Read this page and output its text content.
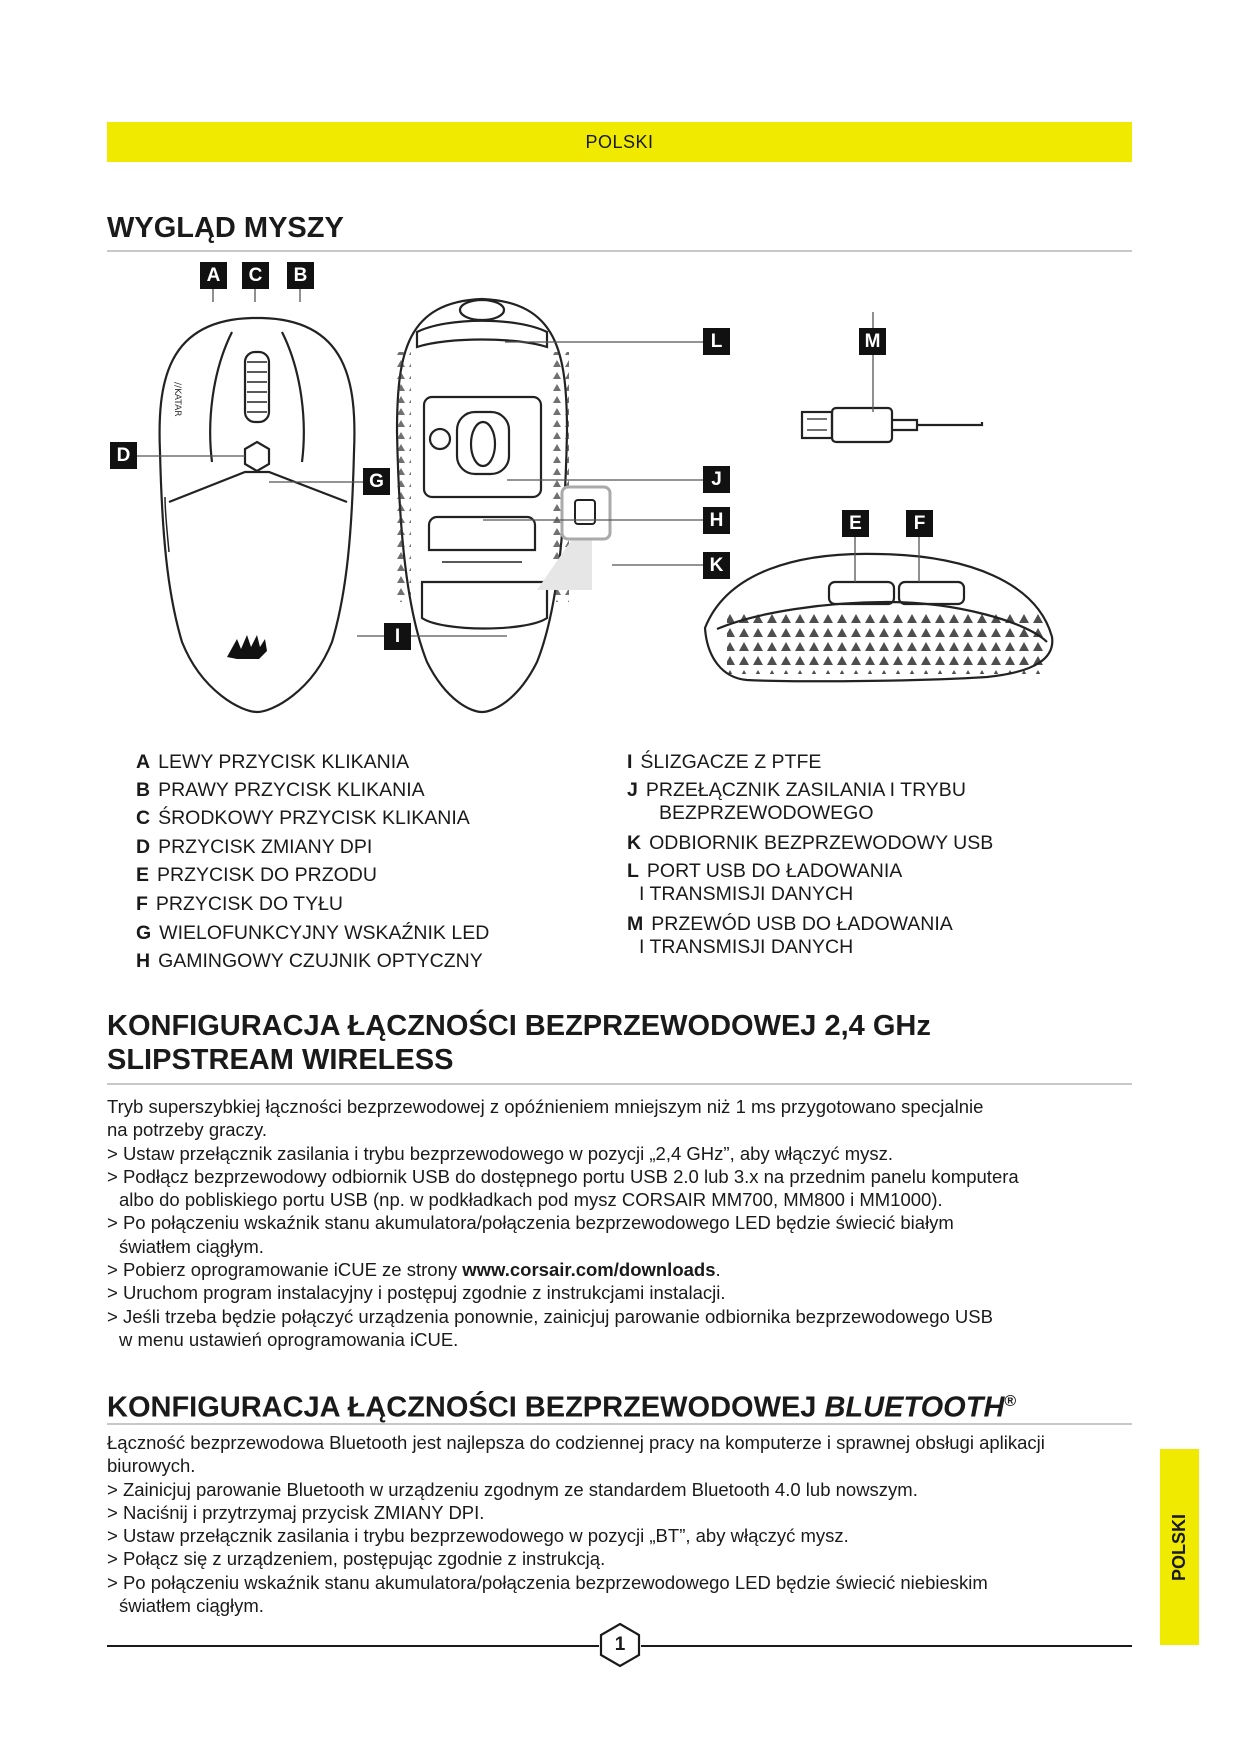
POLSKI
WYGLĄD MYSZY
//KATAR
A	B
C
D
E	F
G
H
I
J
K
L	M
A LEWY PRZYCISK KLIKANIA
B PRAWY PRZYCISK KLIKANIA
C ŚRODKOWY PRZYCISK KLIKANIA
D PRZYCISK ZMIANY DPI
E PRZYCISK DO PRZODU
F PRZYCISK DO TYŁU
G WIELOFUNKCYJNY WSKAŹNIK LED
H GAMINGOWY CZUJNIK OPTYCZNY
I ŚLIZGACZE Z PTFE
J PRZEŁĄCZNIK ZASILANIA I TRYBU
BEZPRZEWODOWEGO
K ODBIORNIK BEZPRZEWODOWY USB
L PORT USB DO ŁADOWANIA
I TRANSMISJI DANYCH
M PRZEWÓD USB DO ŁADOWANIA
I TRANSMISJI DANYCH
KONFIGURACJA ŁĄCZNOŚCI BEZPRZEWODOWEJ 2,4 GHz
SLIPSTREAM WIRELESS

Tryb superszybkiej łączności bezprzewodowej z opóźnieniem mniejszym niż 1 ms przygotowano specjalnie

na potrzeby graczy.

> Ustaw przełącznik zasilania i trybu bezprzewodowego w pozycji „2,4 GHz”, aby włączyć mysz.

> Podłącz bezprzewodowy odbiornik USB do dostępnego portu USB 2.0 lub 3.x na przednim panelu komputera

albo do pobliskiego portu USB (np. w podkładkach pod mysz CORSAIR MM700, MM800 i MM1000).

> Po połączeniu wskaźnik stanu akumulatora/połączenia bezprzewodowego LED będzie świecić białym

światłem ciągłym.

> Pobierz oprogramowanie iCUE ze strony www.corsair.com/downloads.

> Uruchom program instalacyjny i postępuj zgodnie z instrukcjami instalacji.

> Jeśli trzeba będzie połączyć urządzenia ponownie, zainicjuj parowanie odbiornika bezprzewodowego USB

w menu ustawień oprogramowania iCUE.

KONFIGURACJA ŁĄCZNOŚCI BEZPRZEWODOWEJ BLUETOOTH®

Łączność bezprzewodowa Bluetooth jest najlepsza do codziennej pracy na komputerze i sprawnej obsługi aplikacji

biurowych.

> Zainicjuj parowanie Bluetooth w urządzeniu zgodnym ze standardem Bluetooth 4.0 lub nowszym.

> Naciśnij i przytrzymaj przycisk ZMIANY DPI.

> Ustaw przełącznik zasilania i trybu bezprzewodowego w pozycji „BT”, aby włączyć mysz.

> Połącz się z urządzeniem, postępując zgodnie z instrukcją.

> Po połączeniu wskaźnik stanu akumulatora/połączenia bezprzewodowego LED będzie świecić niebieskim

światłem ciągłym.

POLSKI
1
